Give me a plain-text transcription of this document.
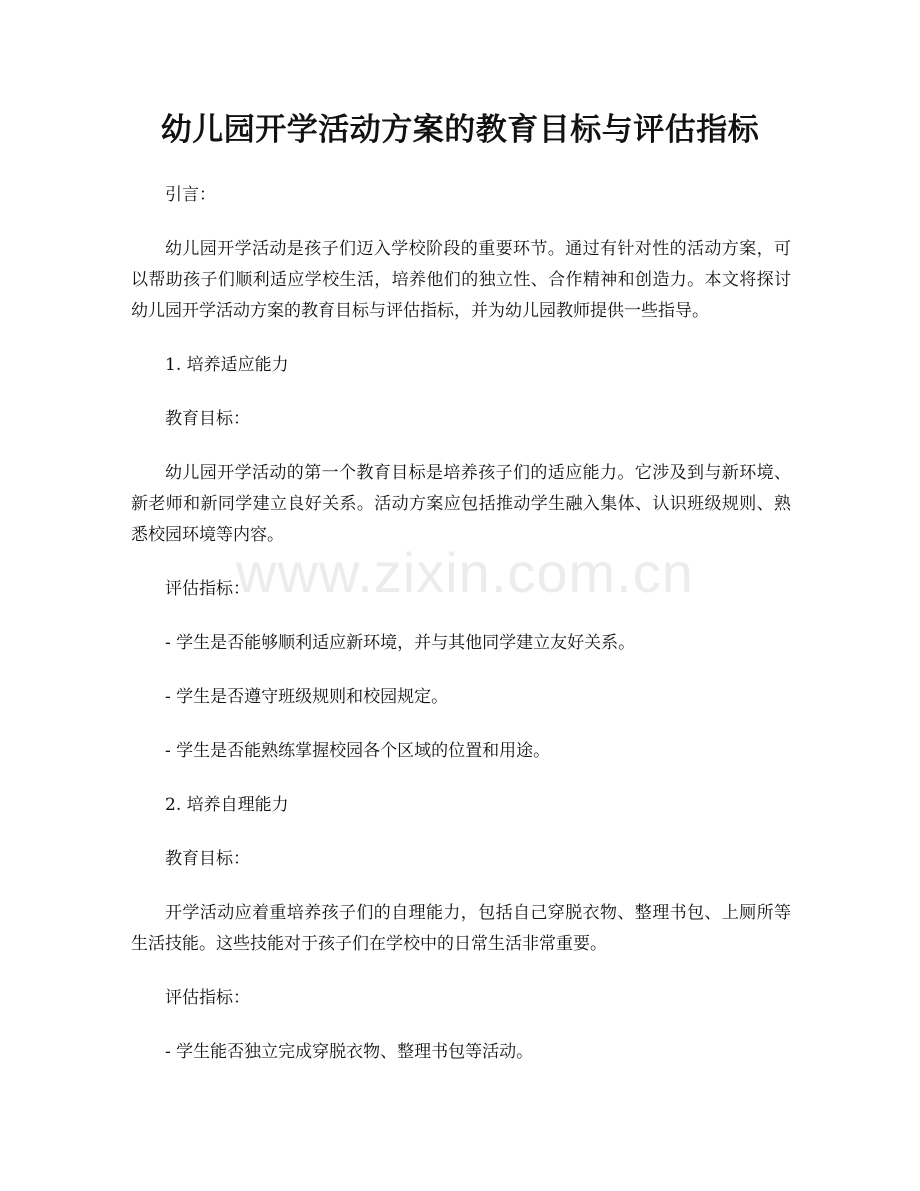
幼儿园开学活动方案的教育目标与评估指标

引言：

幼儿园开学活动是孩子们迈入学校阶段的重要环节。通过有针对性的活动方案，可以帮助孩子们顺利适应学校生活，培养他们的独立性、合作精神和创造力。本文将探讨幼儿园开学活动方案的教育目标与评估指标，并为幼儿园教师提供一些指导。

1. 培养适应能力

教育目标：

幼儿园开学活动的第一个教育目标是培养孩子们的适应能力。它涉及到与新环境、新老师和新同学建立良好关系。活动方案应包括推动学生融入集体、认识班级规则、熟悉校园环境等内容。

评估指标：

- 学生是否能够顺利适应新环境，并与其他同学建立友好关系。

- 学生是否遵守班级规则和校园规定。

- 学生是否能熟练掌握校园各个区域的位置和用途。

2. 培养自理能力

教育目标：

开学活动应着重培养孩子们的自理能力，包括自己穿脱衣物、整理书包、上厕所等生活技能。这些技能对于孩子们在学校中的日常生活非常重要。

评估指标：

- 学生能否独立完成穿脱衣物、整理书包等活动。

www.zixin.com.cn
